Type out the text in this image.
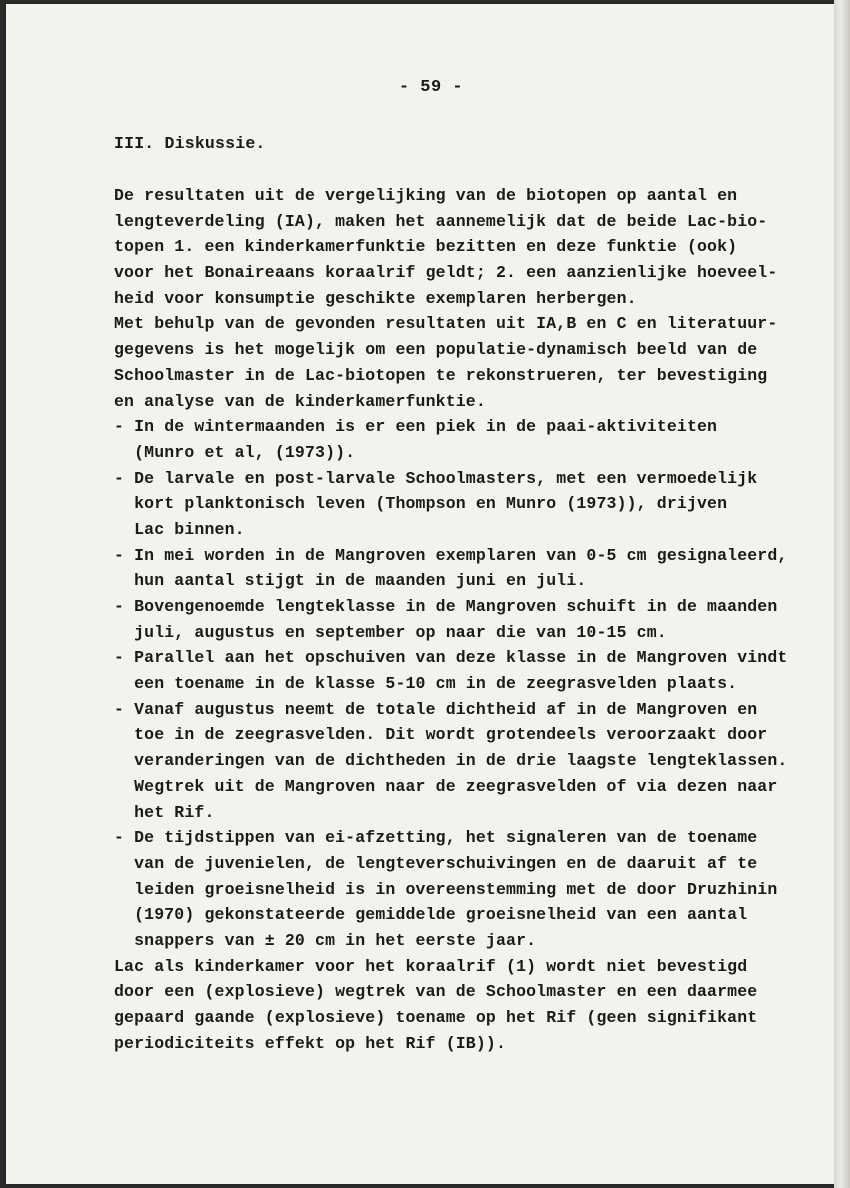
- 59 -
III. Diskussie.
De resultaten uit de vergelijking van de biotopen op aantal en
lengteverdeling (IA), maken het aannemelijk dat de beide Lac-bio-
topen 1. een kinderkamerfunktie bezitten en deze funktie (ook)
voor het Bonaireaans koraalrif geldt; 2. een aanzienlijke hoeveel-
heid voor konsumptie geschikte exemplaren herbergen.
Met behulp van de gevonden resultaten uit IA,B en C en literatuur-
gegevens is het mogelijk om een populatie-dynamisch beeld van de
Schoolmaster in de Lac-biotopen te rekonstrueren, ter bevestiging
en analyse van de kinderkamerfunktie.
- In de wintermaanden is er een piek in de paai-aktiviteiten
(Munro et al, (1973)).
- De larvale en post-larvale Schoolmasters, met een vermoedelijk
kort planktonisch leven (Thompson en Munro (1973)), drijven
Lac binnen.
- In mei worden in de Mangroven exemplaren van 0-5 cm gesignaleerd,
hun aantal stijgt in de maanden juni en juli.
- Bovengenoemde lengteklasse in de Mangroven schuift in de maanden
juli, augustus en september op naar die van 10-15 cm.
- Parallel aan het opschuiven van deze klasse in de Mangroven vindt
een toename in de klasse 5-10 cm in de zeegrasvelden plaats.
- Vanaf augustus neemt de totale dichtheid af in de Mangroven en
toe in de zeegrasvelden. Dit wordt grotendeels veroorzaakt door
veranderingen van de dichtheden in de drie laagste lengteklassen.
Wegtrek uit de Mangroven naar de zeegrasvelden of via dezen naar
het Rif.
- De tijdstippen van ei-afzetting, het signaleren van de toename
van de juvenielen, de lengteverschuivingen en de daaruit af te
leiden groeisnelheid is in overeenstemming met de door Druzhinin
(1970) gekonstateerde gemiddelde groeisnelheid van een aantal
snappers van ± 20 cm in het eerste jaar.
Lac als kinderkamer voor het koraalrif (1) wordt niet bevestigd
door een (explosieve) wegtrek van de Schoolmaster en een daarmee
gepaard gaande (explosieve) toename op het Rif (geen signifikant
periodiciteits effekt op het Rif (IB)).
